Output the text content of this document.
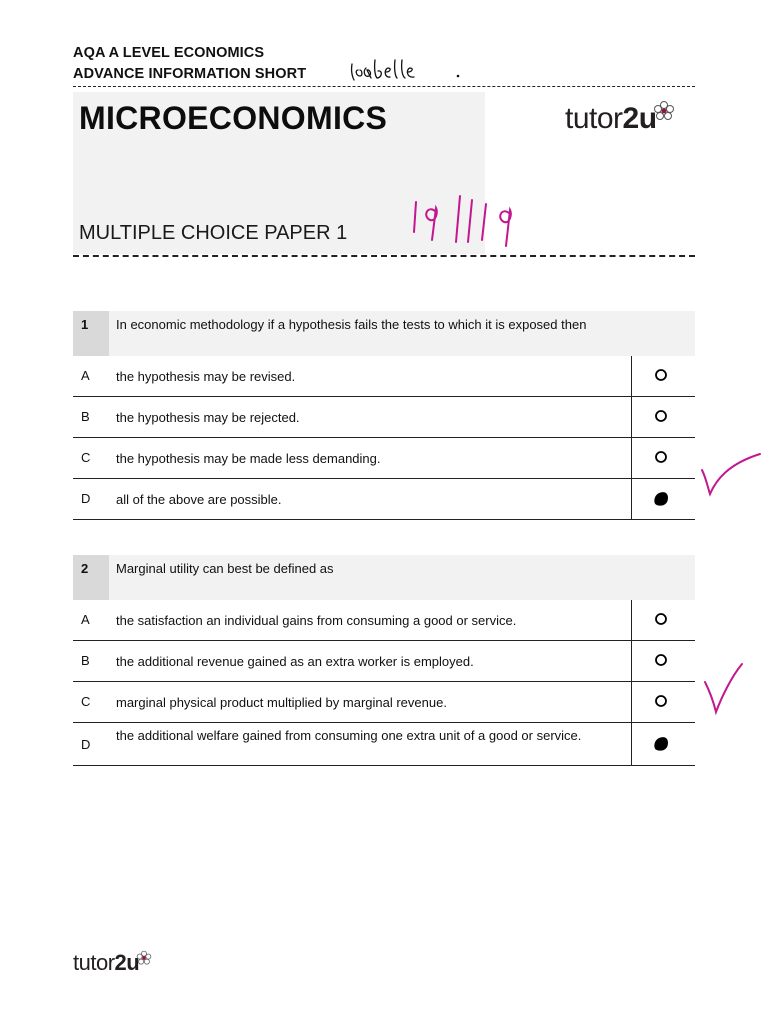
AQA A LEVEL ECONOMICS
ADVANCE INFORMATION SHORT
MICROECONOMICS
MULTIPLE CHOICE PAPER 1
tutor2u
1	In economic methodology if a hypothesis fails the tests to which it is exposed then
A the hypothesis may be revised.
B the hypothesis may be rejected.
C the hypothesis may be made less demanding.
D all of the above are possible.
2	Marginal utility can best be defined as
A the satisfaction an individual gains from consuming a good or service.
B the additional revenue gained as an extra worker is employed.
C marginal physical product multiplied by marginal revenue.
D
the additional welfare gained from consuming one extra unit of a good or service.
tutor2u
